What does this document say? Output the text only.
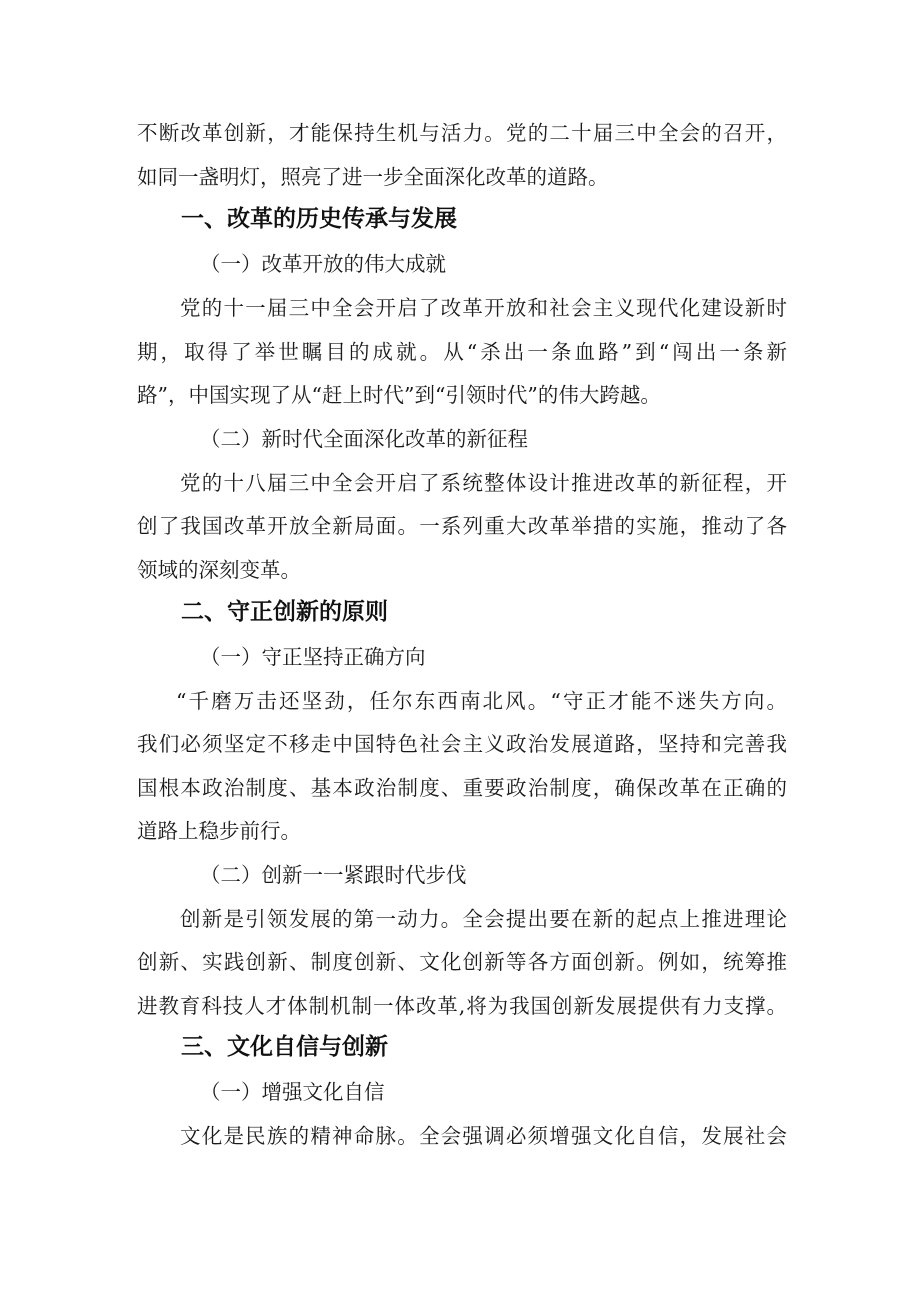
不断改革创新，才能保持生机与活力。党的二十届三中全会的召开，

如同一盏明灯，照亮了进一步全面深化改革的道路。

一、改革的历史传承与发展

（一）改革开放的伟大成就

党的十一届三中全会开启了改革开放和社会主义现代化建设新时

期，取得了举世瞩目的成就。从“杀出一条血路”到“闯出一条新

路”，中国实现了从“赶上时代”到“引领时代”的伟大跨越。

（二）新时代全面深化改革的新征程

党的十八届三中全会开启了系统整体设计推进改革的新征程，开

创了我国改革开放全新局面。一系列重大改革举措的实施，推动了各

领域的深刻变革。

二、守正创新的原则

（一）守正坚持正确方向

“千磨万击还坚劲，任尔东西南北风。“守正才能不迷失方向。

我们必须坚定不移走中国特色社会主义政治发展道路，坚持和完善我

国根本政治制度、基本政治制度、重要政治制度，确保改革在正确的

道路上稳步前行。

（二）创新一一紧跟时代步伐

创新是引领发展的第一动力。全会提出要在新的起点上推进理论

创新、实践创新、制度创新、文化创新等各方面创新。例如，统筹推

进教育科技人才体制机制一体改革,将为我国创新发展提供有力支撑。

三、文化自信与创新

（一）增强文化自信

文化是民族的精神命脉。全会强调必须增强文化自信，发展社会
